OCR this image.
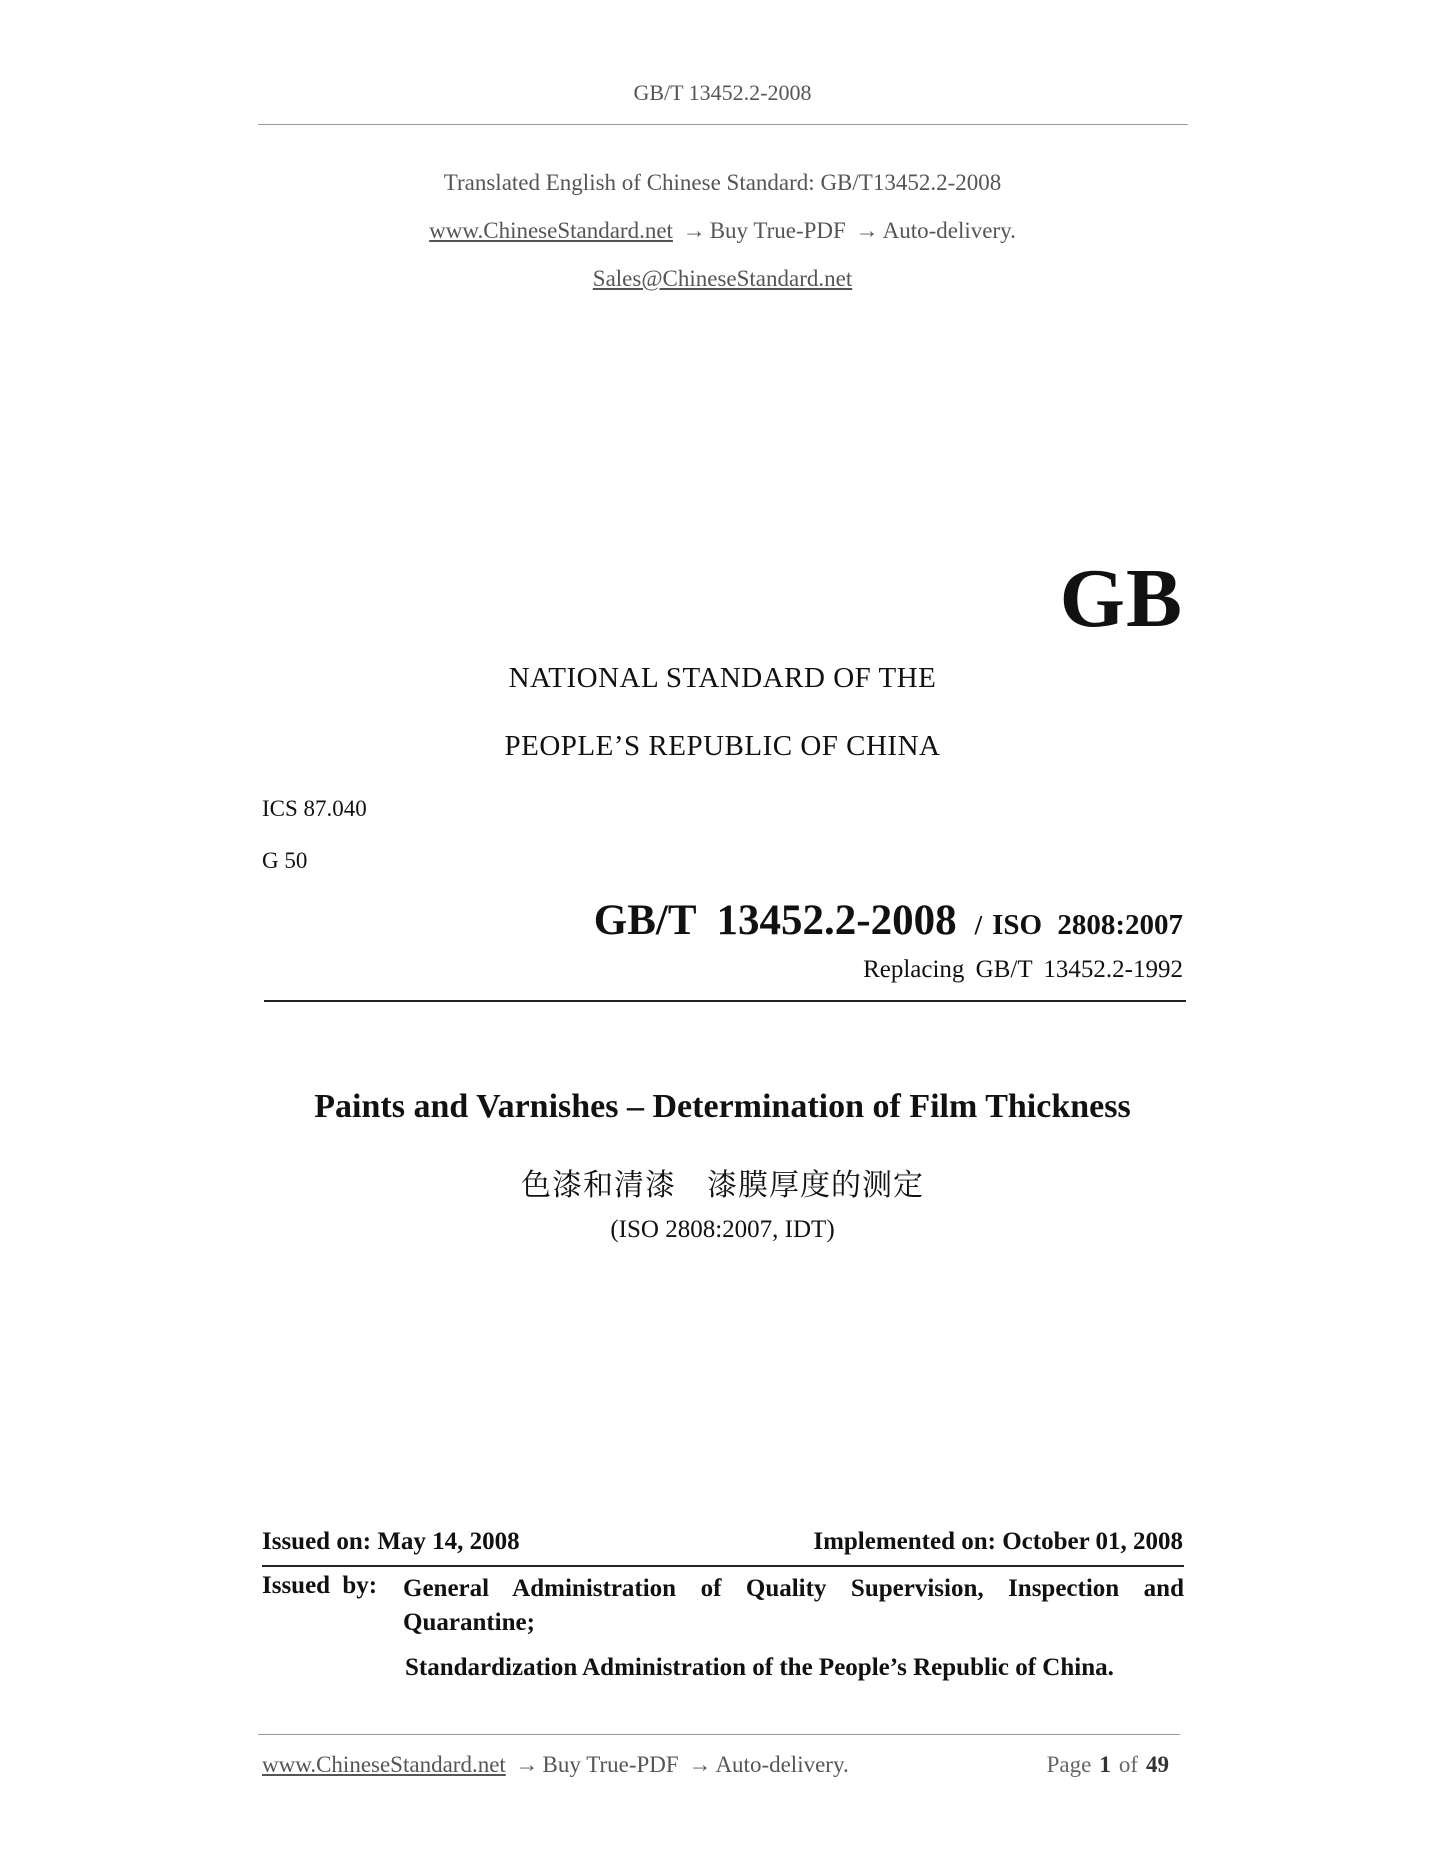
GB/T 13452.2-2008
Translated English of Chinese Standard: GB/T13452.2-2008
www.ChineseStandard.net → Buy True-PDF → Auto-delivery.
Sales@ChineseStandard.net
GB
NATIONAL STANDARD OF THE
PEOPLE’S REPUBLIC OF CHINA
ICS 87.040
G 50
GB/T 13452.2-2008 / ISO 2808:2007
Replacing GB/T 13452.2-1992
Paints and Varnishes – Determination of Film Thickness
色漆和清漆　漆膜厚度的测定
(ISO 2808:2007, IDT)
Issued on: May 14, 2008	Implemented on: October 01, 2008
Issued by: General Administration of Quality Supervision, Inspection and Quarantine;
Standardization Administration of the People’s Republic of China.
www.ChineseStandard.net → Buy True-PDF → Auto-delivery.	Page 1 of 49
